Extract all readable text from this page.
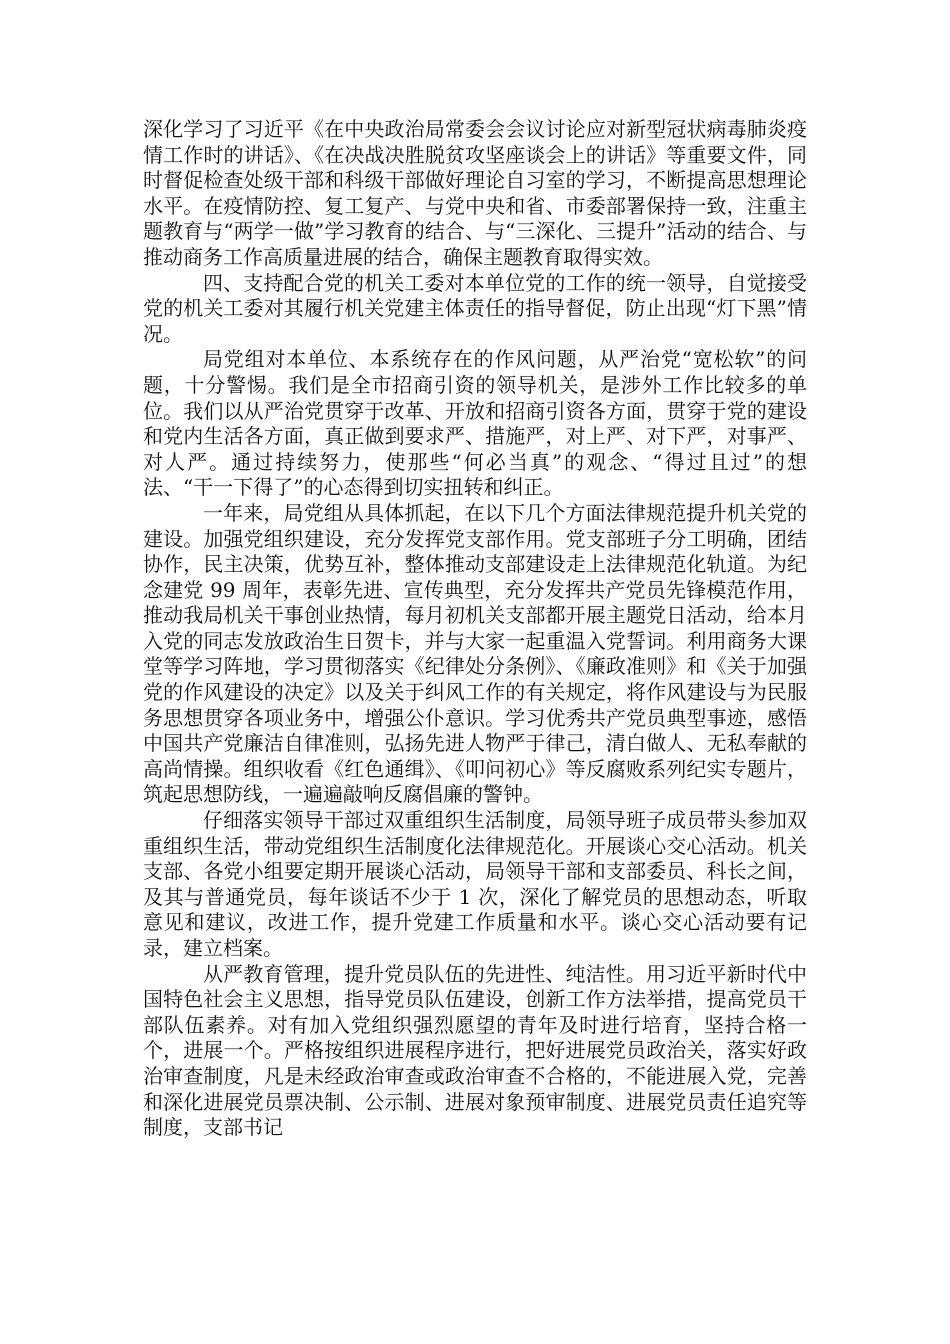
深化学习了习近平《在中央政治局常委会会议讨论应对新型冠状病毒肺炎疫情工作时的讲话》、《在决战决胜脱贫攻坚座谈会上的讲话》等重要文件，同时督促检查处级干部和科级干部做好理论自习室的学习，不断提高思想理论水平。在疫情防控、复工复产、与党中央和省、市委部署保持一致，注重主题教育与“两学一做”学习教育的结合、与“三深化、三提升”活动的结合、与推动商务工作高质量进展的结合，确保主题教育取得实效。

四、支持配合党的机关工委对本单位党的工作的统一领导，自觉接受党的机关工委对其履行机关党建主体责任的指导督促，防止出现“灯下黑”情况。

局党组对本单位、本系统存在的作风问题，从严治党“宽松软”的问题，十分警惕。我们是全市招商引资的领导机关，是涉外工作比较多的单位。我们以从严治党贯穿于改革、开放和招商引资各方面，贯穿于党的建设和党内生活各方面，真正做到要求严、措施严，对上严、对下严，对事严、对人严。通过持续努力，使那些“何必当真”的观念、“得过且过”的想法、“干一下得了”的心态得到切实扭转和纠正。

一年来，局党组从具体抓起，在以下几个方面法律规范提升机关党的建设。加强党组织建设，充分发挥党支部作用。党支部班子分工明确，团结协作，民主决策，优势互补，整体推动支部建设走上法律规范化轨道。为纪念建党 99 周年，表彰先进、宣传典型，充分发挥共产党员先锋模范作用，推动我局机关干事创业热情，每月初机关支部都开展主题党日活动，给本月入党的同志发放政治生日贺卡，并与大家一起重温入党誓词。利用商务大课堂等学习阵地，学习贯彻落实《纪律处分条例》、《廉政准则》和《关于加强党的作风建设的决定》以及关于纠风工作的有关规定，将作风建设与为民服务思想贯穿各项业务中，增强公仆意识。学习优秀共产党员典型事迹，感悟中国共产党廉洁自律准则，弘扬先进人物严于律己，清白做人、无私奉献的高尚情操。组织收看《红色通缉》、《叩问初心》等反腐败系列纪实专题片，筑起思想防线，一遍遍敲响反腐倡廉的警钟。

仔细落实领导干部过双重组织生活制度，局领导班子成员带头参加双重组织生活，带动党组织生活制度化法律规范化。开展谈心交心活动。机关支部、各党小组要定期开展谈心活动，局领导干部和支部委员、科长之间，及其与普通党员，每年谈话不少于 1 次，深化了解党员的思想动态，听取意见和建议，改进工作，提升党建工作质量和水平。谈心交心活动要有记录，建立档案。

从严教育管理，提升党员队伍的先进性、纯洁性。用习近平新时代中国特色社会主义思想，指导党员队伍建设，创新工作方法举措，提高党员干部队伍素养。对有加入党组织强烈愿望的青年及时进行培育，坚持合格一个，进展一个。严格按组织进展程序进行，把好进展党员政治关，落实好政治审查制度，凡是未经政治审查或政治审查不合格的，不能进展入党，完善和深化进展党员票决制、公示制、进展对象预审制度、进展党员责任追究等制度，支部书记
